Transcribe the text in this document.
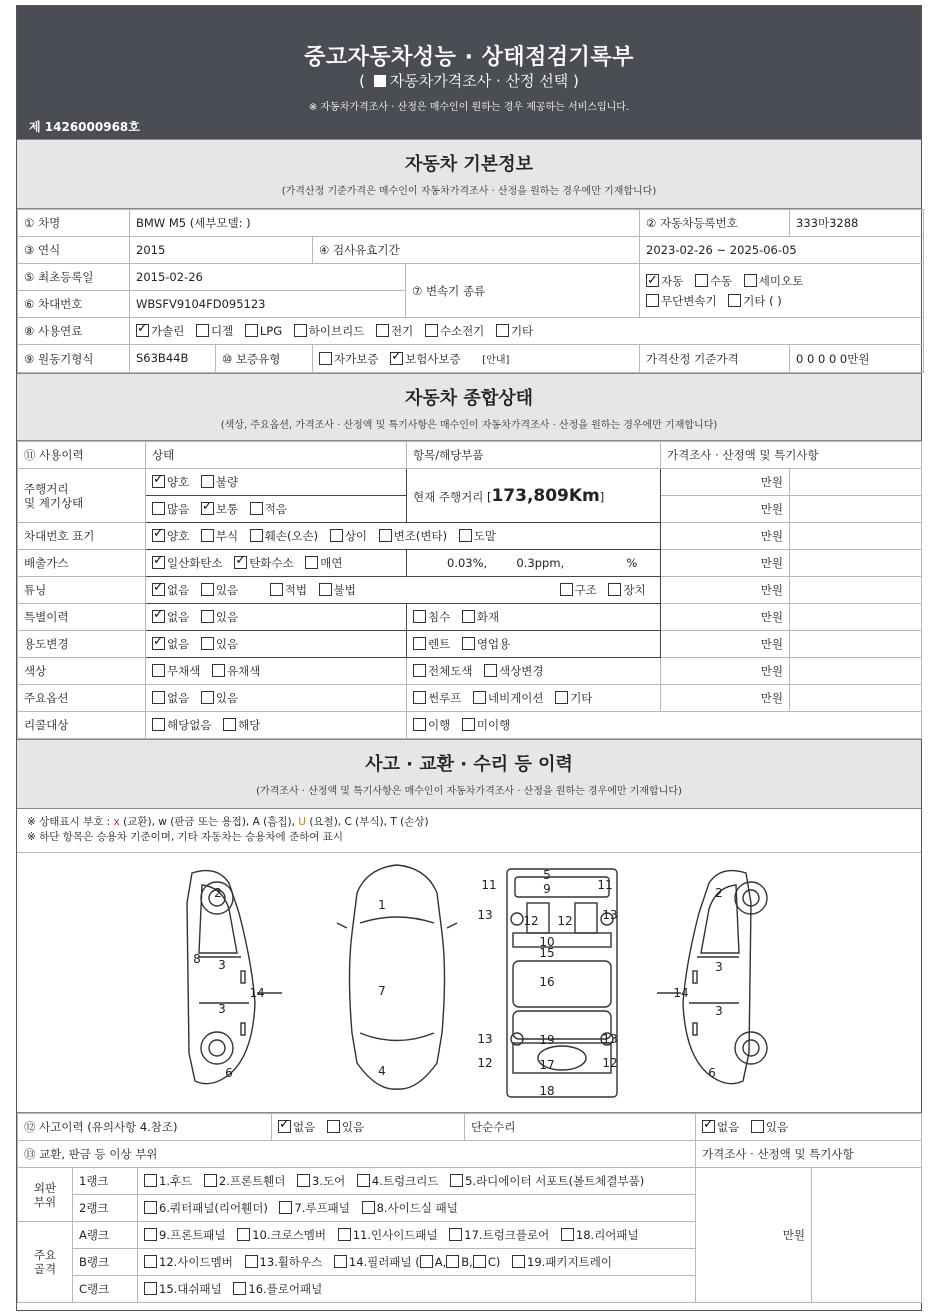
중고자동차성능 · 상태점검기록부
( 자동차가격조사 · 산정 선택 )
※ 자동차가격조사 · 산정은 매수인이 원하는 경우 제공하는 서비스입니다.
제 1426000968호
자동차 기본정보
(가격산정 기준가격은 매수인이 자동차가격조사 · 산정을 원하는 경우에만 기재합니다)
① 차명	BMW M5 (세부모델: )			② 자동차등록번호	333마3288
③ 연식	2015	④ 검사유효기간		2023-02-26 ~ 2025-06-05	
⑤ 최초등록일	2015-02-26		⑦ 변속기 종류	✓자동 수동 세미오토
무단변속기 기타 ( )
⑥ 차대번호	WBSFV9104FD095123				
⑧ 사용연료	✓가솔린 디젤 LPG 하이브리드 전기 수소전기 기타
⑨ 원동기형식	S63B44B ⑩ 보증유형	자가보증 ✓ 보험사보증 [안내]		가격산정 기준가격	0 0 0 0 0만원
자동차 종합상태
(색상, 주요옵션, 가격조사 · 산정액 및 특기사항은 매수인이 자동차가격조사 · 산정을 원하는 경우에만 기재합니다)
⑪ 사용이력	상태	항목/해당부품	가격조사 · 산정액 및 특기사항	
주행거리
및 계기상태	✓양호 불량	현재 주행거리 [173,809Km]	만원	
	많음 ✓ 보통 적음		만원	
차대번호 표기	✓양호 부식 훼손(오손) 상이 변조(변타) 도말		만원	
배출가스	✓일산화탄소 ✓ 탄화수소 매연	0.03%,        0.3ppm,                 %	만원	
튜닝	✓없음 있음 적법 불법 구조 장치		만원	
특별이력	✓없음 있음	침수 화재	만원	
용도변경	✓없음 있음	렌트 영업용	만원	
색상	무채색 유채색	전체도색 색상변경	만원	
주요옵션	없음 있음	썬루프 네비게이션 기타	만원	
리콜대상	해당없음 해당	이행 미이행		
사고 · 교환 · 수리 등 이력
(가격조사 · 산정액 및 특기사항은 매수인이 자동차가격조사 · 산정을 원하는 경우에만 기재합니다)
※ 상태표시 부호 : x (교환), w (판금 또는 용접), A (흠집), U (요철), C (부식), T (손상)
※ 하단 항목은 승용차 기준이며, 기타 자동차는 승용차에 준하여 표시
2
8 3
3
14
6
1
7
4
5
9
11	11
13	13
12 12
10
15
16
19
13	13
12	12
17
18
2
3
14
3
6
⑫ 사고이력 (유의사항 4.참조)	✓없음 있음	단순수리	✓없음 있음
⑬ 교환, 판금 등 이상 부위					가격조사 · 산정액 및 특기사항	
외판
부위	1랭크	1.후드 2.프론트휀더 3.도어 4.트렁크리드 5.라디에이터 서포트(볼트체결부품)			만원	
	2랭크	6.쿼터패널(리어휀더) 7.루프패널 8.사이드실 패널				
주요
골격	A랭크	9.프론트패널 10.크로스멤버 11.인사이드패널 17.트렁크플로어 18.리어패널				
	B랭크	12.사이드멤버 13.휠하우스 14.필러패널 ( A, B, C) 19.패키지트레이				
	C랭크	15.대쉬패널 16.플로어패널				
